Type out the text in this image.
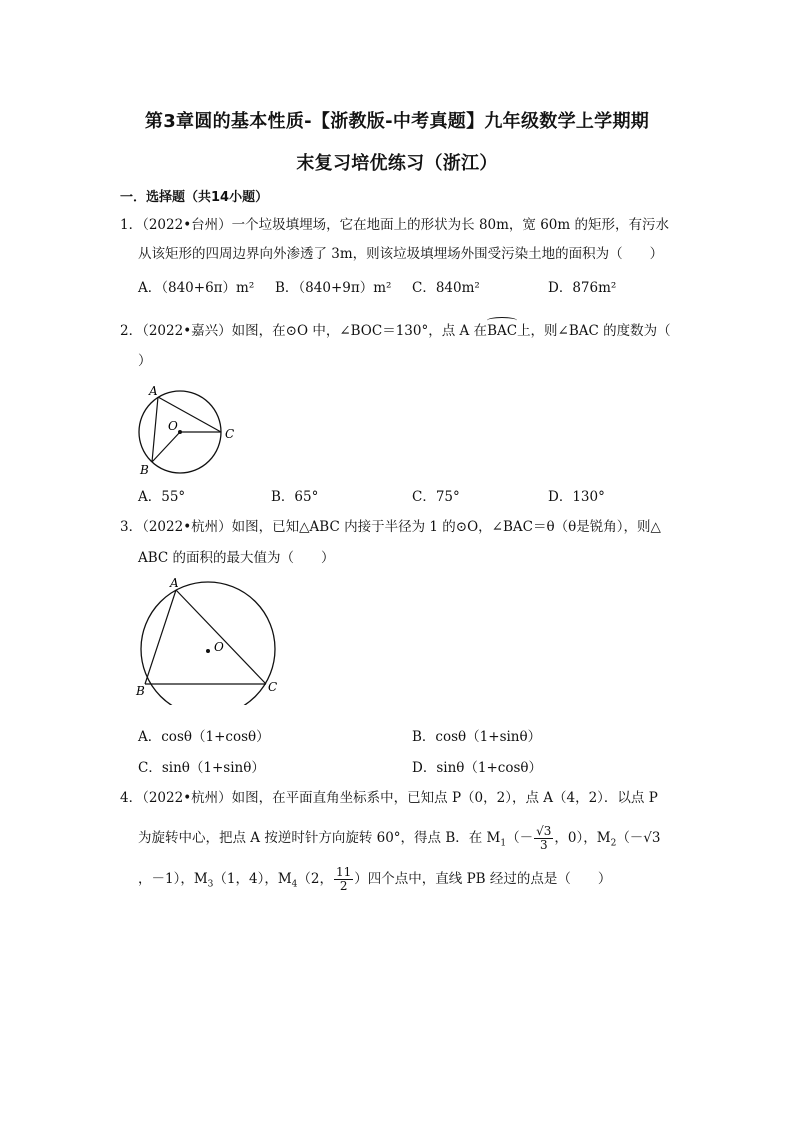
第3章圆的基本性质-【浙教版-中考真题】九年级数学上学期期
末复习培优练习（浙江）
一．选择题（共14小题）
1．（2022•台州）一个垃圾填埋场，它在地面上的形状为长 80m，宽 60m 的矩形，有污水
从该矩形的四周边界向外渗透了 3m，则该垃圾填埋场外围受污染土地的面积为（　　）
A．（840+6π）m² B．（840+9π）m² C．840m²	D．876m²
2．（2022•嘉兴）如图，在⊙O 中，∠BOC＝130°，点 A 在BAC上，则∠BAC 的度数为（
）
A
O
C
B
A．55°	B．65°	C．75°	D．130°
3．（2022•杭州）如图，已知△ABC 内接于半径为 1 的⊙O，∠BAC＝θ（θ是锐角），则△
ABC 的面积的最大值为（　　）
A
O
B	C
A．cosθ（1+cosθ）	B．cosθ（1+sinθ）
C．sinθ（1+sinθ）	D．sinθ（1+cosθ）
4．（2022•杭州）如图，在平面直角坐标系中，已知点 P（0，2），点 A（4，2）．以点 P
为旋转中心，把点 A 按逆时针方向旋转 60°，得点 B．在 $M_1(- \frac{√3}{3}$ ，0），$M_2(-√3$
，－1），$M_3(1$，4），$M_4(2$， $\frac{11}{2}$ ）四个点中，直线 PB 经过的点是（　　）
